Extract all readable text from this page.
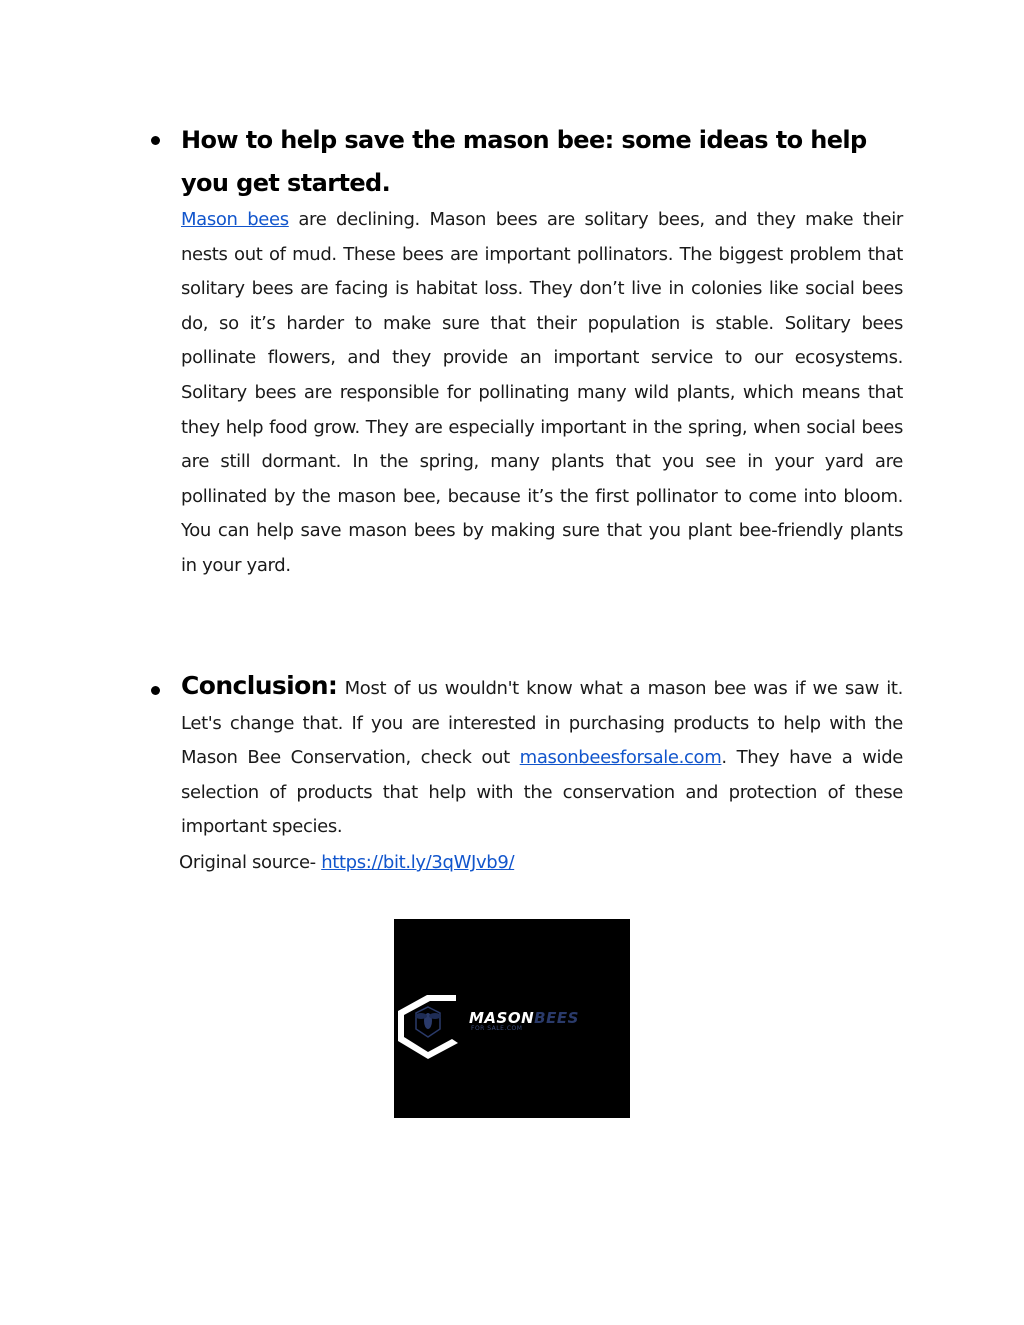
How to help save the mason bee: some ideas to help you get started.

Mason bees are declining. Mason bees are solitary bees, and they make their nests out of mud. These bees are important pollinators. The biggest problem that solitary bees are facing is habitat loss. They don’t live in colonies like social bees do, so it’s harder to make sure that their population is stable. Solitary bees pollinate flowers, and they provide an important service to our ecosystems. Solitary bees are responsible for pollinating many wild plants, which means that they help food grow. They are especially important in the spring, when social bees are still dormant. In the spring, many plants that you see in your yard are pollinated by the mason bee, because it’s the first pollinator to come into bloom. You can help save mason bees by making sure that you plant bee-friendly plants in your yard.

Conclusion: Most of us wouldn't know what a mason bee was if we saw it. Let's change that. If you are interested in purchasing products to help with the Mason Bee Conservation, check out masonbeesforsale.com. They have a wide selection of products that help with the conservation and protection of these important species.

Original source- https://bit.ly/3qWJvb9/
MASONBEES
FOR SALE.COM
